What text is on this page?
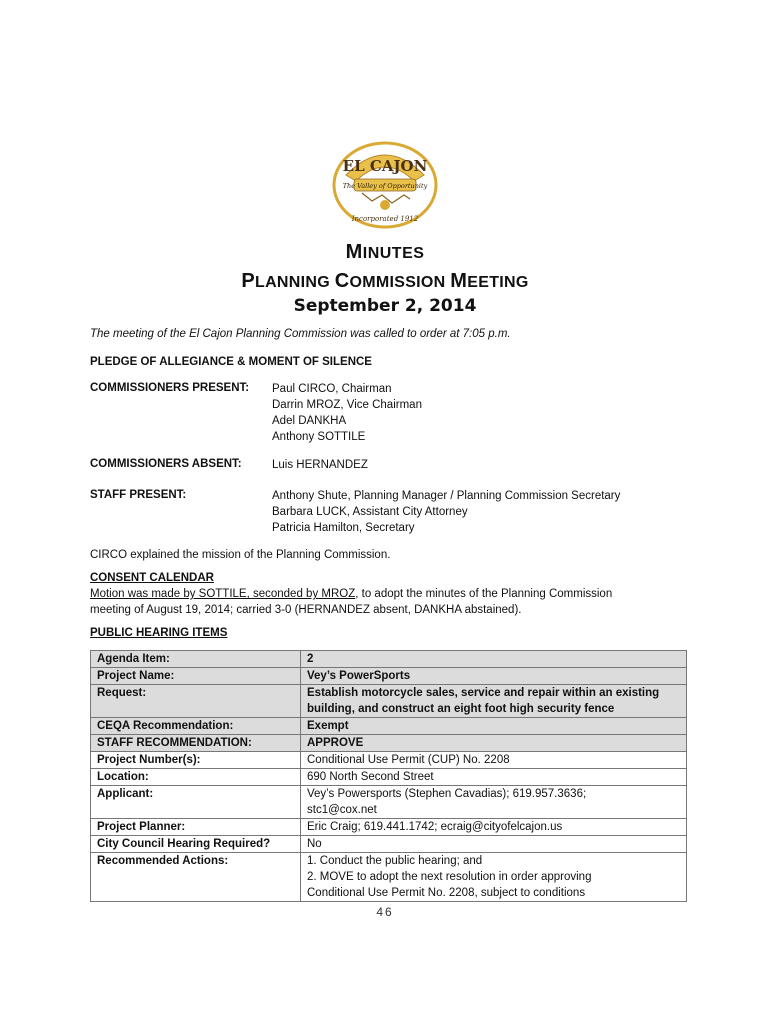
EL CAJON
The Valley of Opportunity
Incorporated 1912
MINUTES
PLANNING COMMISSION MEETING
September 2, 2014
The meeting of the El Cajon Planning Commission was called to order at 7:05 p.m.
PLEDGE OF ALLEGIANCE & MOMENT OF SILENCE
COMMISSIONERS PRESENT: Paul CIRCO, Chairman
Darrin MROZ, Vice Chairman
Adel DANKHA
Anthony SOTTILE
COMMISSIONERS ABSENT:	Luis HERNANDEZ
STAFF PRESENT:	Anthony Shute, Planning Manager / Planning Commission Secretary
Barbara LUCK, Assistant City Attorney
Patricia Hamilton, Secretary
CIRCO explained the mission of the Planning Commission.
CONSENT CALENDAR
Motion was made by SOTTILE, seconded by MROZ, to adopt the minutes of the Planning Commission
meeting of August 19, 2014; carried 3-0 (HERNANDEZ absent, DANKHA abstained).
PUBLIC HEARING ITEMS
Agenda Item:	2
Project Name:	Vey’s PowerSports
Request:	Establish motorcycle sales, service and repair within an existing
building, and construct an eight foot high security fence

CEQA Recommendation:	Exempt
STAFF RECOMMENDATION:	APPROVE
Project Number(s):	Conditional Use Permit (CUP) No. 2208
Location:	690 North Second Street
Applicant:	Vey’s Powersports (Stephen Cavadias); 619.957.3636;
stc1@cox.net

Project Planner:	Eric Craig; 619.441.1742; ecraig@cityofelcajon.us
City Council Hearing Required?	No
Recommended Actions:	1. Conduct the public hearing; and
2. MOVE to adopt the next resolution in order approving
Conditional Use Permit No. 2208, subject to conditions
46
